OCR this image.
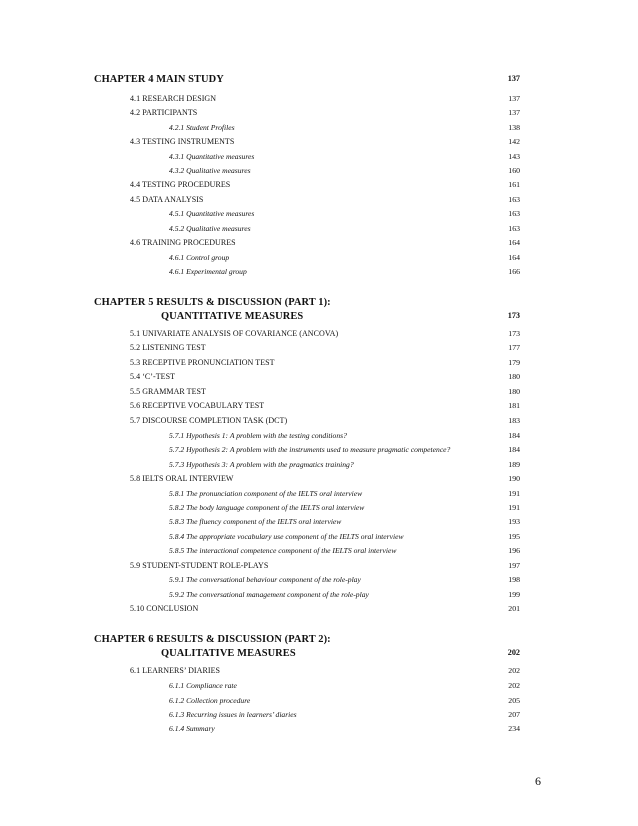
CHAPTER 4 MAIN STUDY	137
4.1 RESEARCH DESIGN	137
4.2 PARTICIPANTS	137
4.2.1 Student Profiles	138
4.3 TESTING INSTRUMENTS	142
4.3.1 Quantitative measures	143
4.3.2 Qualitative measures	160
4.4 TESTING PROCEDURES	161
4.5 DATA ANALYSIS	163
4.5.1 Quantitative measures	163
4.5.2 Qualitative measures	163
4.6 TRAINING PROCEDURES	164
4.6.1 Control group	164
4.6.1 Experimental group	166
CHAPTER 5 RESULTS & DISCUSSION (PART 1):
QUANTITATIVE MEASURES	173
5.1 UNIVARIATE ANALYSIS OF COVARIANCE (ANCOVA)	173
5.2 LISTENING TEST	177
5.3 RECEPTIVE PRONUNCIATION TEST	179
5.4 ‘C’-TEST	180
5.5 GRAMMAR TEST	180
5.6 RECEPTIVE VOCABULARY TEST	181
5.7 DISCOURSE COMPLETION TASK (DCT)	183
5.7.1 Hypothesis 1: A problem with the testing conditions?	184
5.7.2 Hypothesis 2: A problem with the instruments used to measure pragmatic competence?	184
5.7.3 Hypothesis 3: A problem with the pragmatics training?	189
5.8 IELTS ORAL INTERVIEW	190
5.8.1 The pronunciation component of the IELTS oral interview	191
5.8.2 The body language component of the IELTS oral interview	191
5.8.3 The fluency component of the IELTS oral interview	193
5.8.4 The appropriate vocabulary use component of the IELTS oral interview	195
5.8.5 The interactional competence component of the IELTS oral interview	196
5.9 STUDENT-STUDENT ROLE-PLAYS	197
5.9.1 The conversational behaviour component of the role-play	198
5.9.2 The conversational management component of the role-play	199
5.10 CONCLUSION	201
CHAPTER 6 RESULTS & DISCUSSION (PART 2):
QUALITATIVE MEASURES	202
6.1 LEARNERS’ DIARIES	202
6.1.1 Compliance rate	202
6.1.2 Collection procedure	205
6.1.3 Recurring issues in learners’ diaries	207
6.1.4 Summary	234
6
